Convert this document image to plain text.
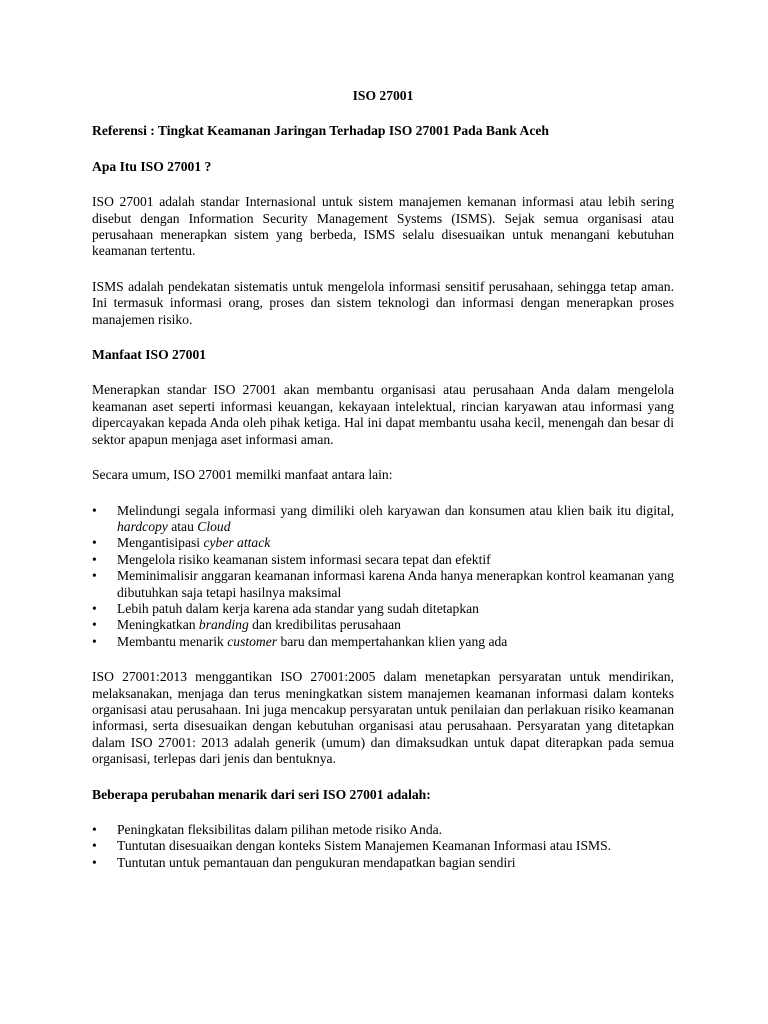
ISO 27001

Referensi : Tingkat Keamanan Jaringan Terhadap ISO 27001 Pada Bank Aceh

Apa Itu ISO 27001 ?

ISO 27001 adalah standar Internasional untuk sistem manajemen kemanan informasi atau lebih sering disebut dengan Information Security Management Systems (ISMS). Sejak semua organisasi atau perusahaan menerapkan sistem yang berbeda, ISMS selalu disesuaikan untuk menangani kebutuhan keamanan tertentu.

ISMS adalah pendekatan sistematis untuk mengelola informasi sensitif perusahaan, sehingga tetap aman. Ini termasuk informasi orang, proses dan sistem teknologi dan informasi dengan menerapkan proses manajemen risiko.

Manfaat ISO 27001

Menerapkan standar ISO 27001 akan membantu organisasi atau perusahaan Anda dalam mengelola keamanan aset seperti informasi keuangan, kekayaan intelektual, rincian karyawan atau informasi yang dipercayakan kepada Anda oleh pihak ketiga. Hal ini dapat membantu usaha kecil, menengah dan besar di sektor apapun menjaga aset informasi aman.

Secara umum, ISO 27001 memilki manfaat antara lain:

• Melindungi segala informasi yang dimiliki oleh karyawan dan konsumen atau klien baik itu digital, hardcopy atau Cloud
• Mengantisipasi cyber attack
• Mengelola risiko keamanan sistem informasi secara tepat dan efektif
• Meminimalisir anggaran keamanan informasi karena Anda hanya menerapkan kontrol keamanan yang dibutuhkan saja tetapi hasilnya maksimal
• Lebih patuh dalam kerja karena ada standar yang sudah ditetapkan
• Meningkatkan branding dan kredibilitas perusahaan
• Membantu menarik customer baru dan mempertahankan klien yang ada

ISO 27001:2013 menggantikan ISO 27001:2005 dalam menetapkan persyaratan untuk mendirikan, melaksanakan, menjaga dan terus meningkatkan sistem manajemen keamanan informasi dalam konteks organisasi atau perusahaan. Ini juga mencakup persyaratan untuk penilaian dan perlakuan risiko keamanan informasi, serta disesuaikan dengan kebutuhan organisasi atau perusahaan. Persyaratan yang ditetapkan dalam ISO 27001: 2013 adalah generik (umum) dan dimaksudkan untuk dapat diterapkan pada semua organisasi, terlepas dari jenis dan bentuknya.

Beberapa perubahan menarik dari seri ISO 27001 adalah:

• Peningkatan fleksibilitas dalam pilihan metode risiko Anda.
• Tuntutan disesuaikan dengan konteks Sistem Manajemen Keamanan Informasi atau ISMS.
• Tuntutan untuk pemantauan dan pengukuran mendapatkan bagian sendiri
